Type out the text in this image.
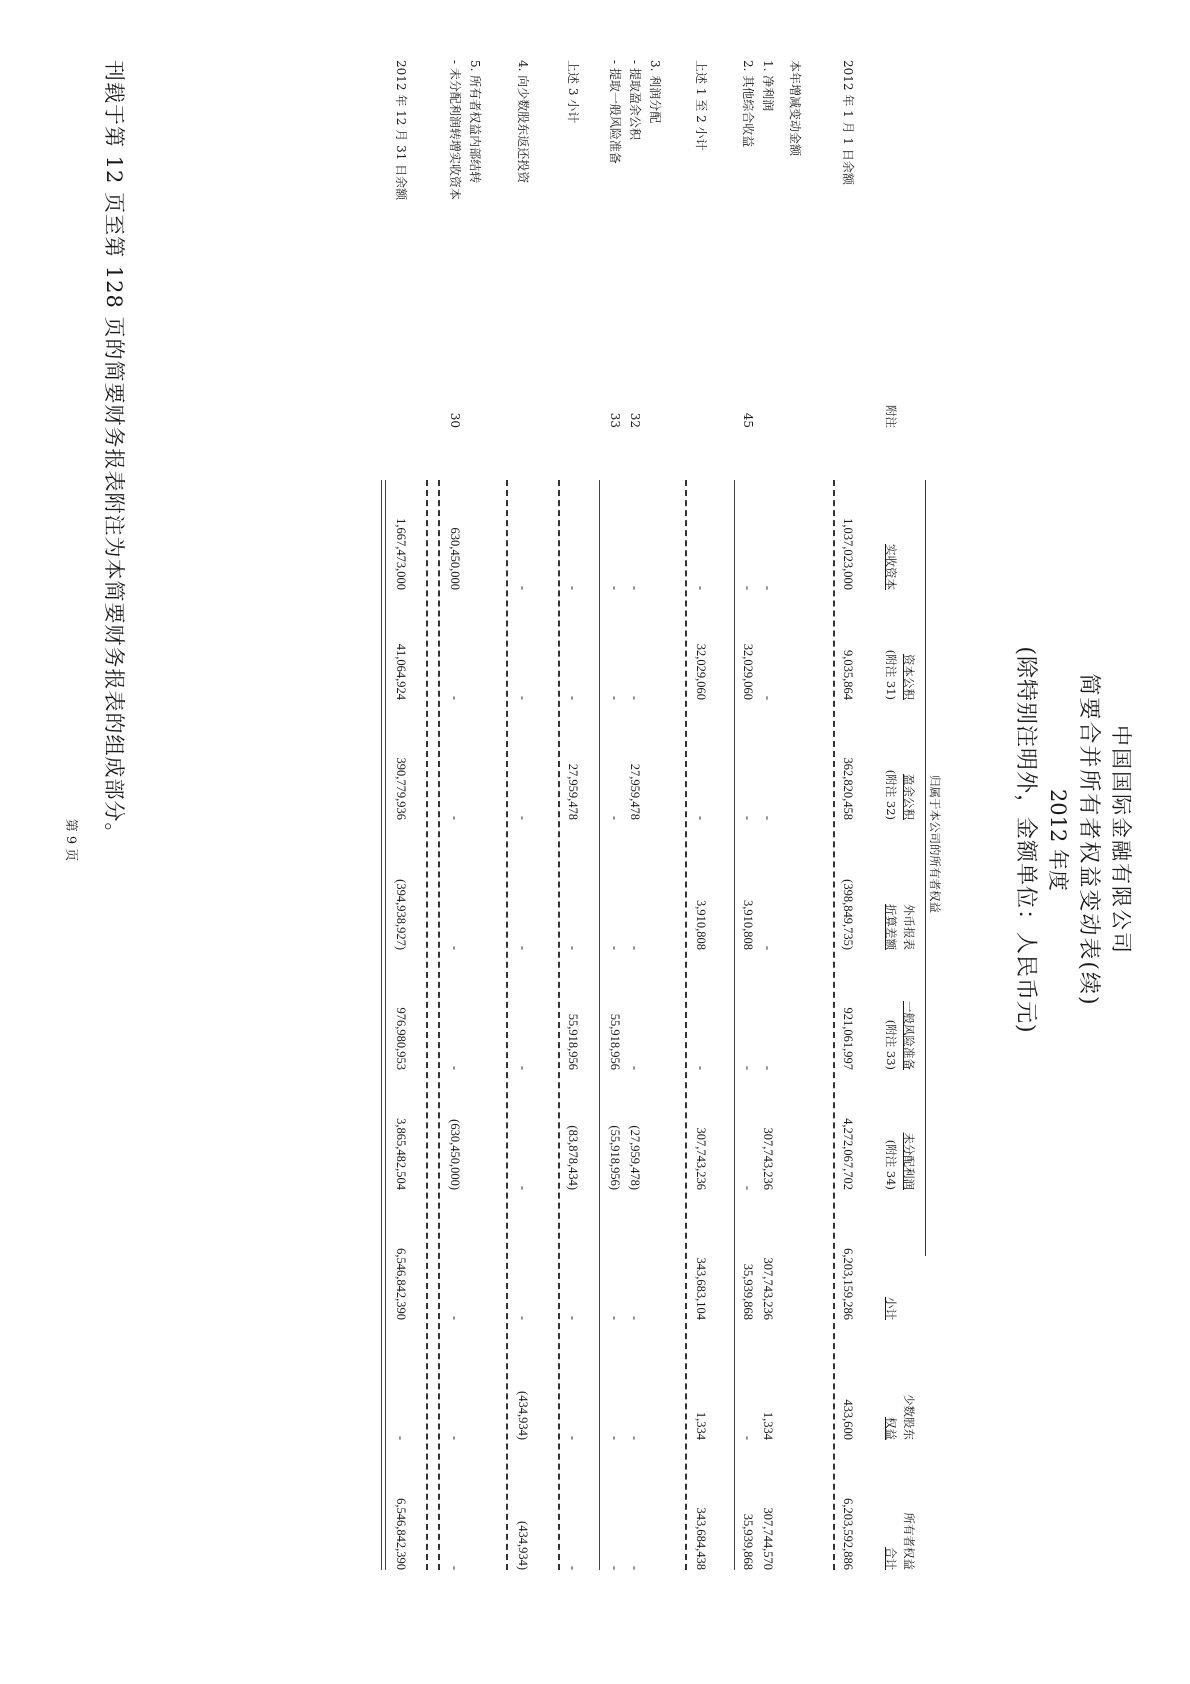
中国国际金融有限公司
简要合并所有者权益变动表(续)
2012 年度
(除特别注明外，金额单位：人民币元)
归属于本公司的所有者权益
附注
实收资本
资本公积
(附注 31)
盈余公积
(附注 32)
外币报表
折算差额
一般风险准备
(附注 33)
未分配利润
(附注 34)
小计
少数股东
权益
所有者权益
合计
2012 年 1 月 1 日余额
1,037,023,000
9,035,864
362,820,458
(398,849,735)
921,061,997
4,272,067,702
6,203,159,286
433,600
6,203,592,886
本年增减变动金额
1. 净利润
-
-
-
-
-
307,743,236
307,743,236
1,334
307,744,570
2. 其他综合收益
45
-
32,029,060
-
3,910,808
-
-
35,939,868
-
35,939,868
上述 1 至 2 小计
-
32,029,060
-
3,910,808
-
307,743,236
343,683,104
1,334
343,684,438
3. 利润分配
- 提取盈余公积
32
-
-
27,959,478
-
-
(27,959,478)
-
-
-
- 提取一般风险准备
33
-
-
-
-
55,918,956
(55,918,956)
-
-
-
上述 3 小计
-
-
27,959,478
-
55,918,956
(83,878,434)
-
-
-
4. 向少数股东返还投资
-
-
-
-
-
-
-
(434,934)
(434,934)
5. 所有者权益内部结转
- 未分配利润转增实收资本
30
630,450,000
-
-
-
-
(630,450,000)
-
-
-
2012 年 12 月 31 日余额
1,667,473,000
41,064,924
390,779,936
(394,938,927)
976,980,953
3,865,482,504
6,546,842,390
-
6,546,842,390
刊载于第 12 页至第 128 页的简要财务报表附注为本简要财务报表的组成部分。
第 9 页
